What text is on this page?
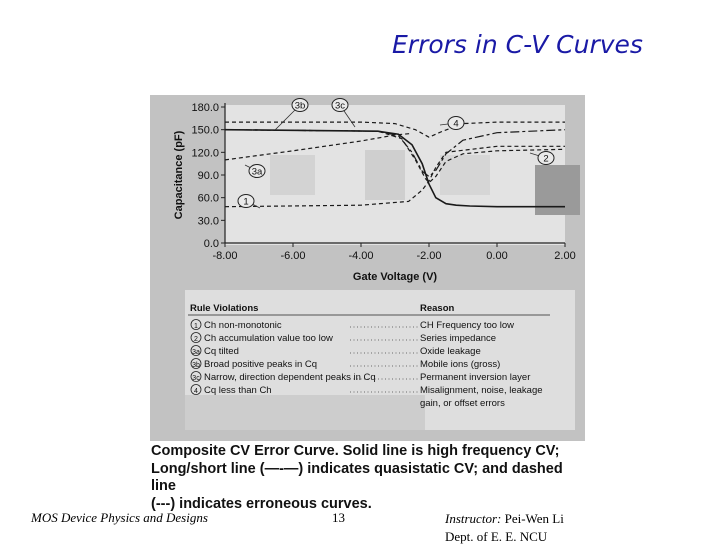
Errors in C-V Curves
180.0
150.0
120.0
90.0
60.0
30.0
0.0
-8.00	-6.00	-4.00	-2.00	0.00	2.00
Gate Voltage (V)
Capacitance (pF)
3b	3c
4
2
3a
1
Rule Violations	Reason
1 Ch non-monotonic	CH Frequency too low
2 Ch accumulation value too low	Series impedance
3a Cq tilted	Oxide leakage
3b Broad positive peaks in Cq	Mobile ions (gross)
3c Narrow, direction dependent peaks in Cq	Permanent inversion layer
4 Cq less than Ch	Misalignment, noise, leakage
gain, or offset errors
Composite CV Error Curve. Solid line is high frequency CV;
Long/short line (—-—) indicates quasistatic CV; and dashed line
(---) indicates erroneous curves.
MOS Device Physics and Designs	13	Instructor: Pei-Wen Li
Dept. of E. E. NCU
